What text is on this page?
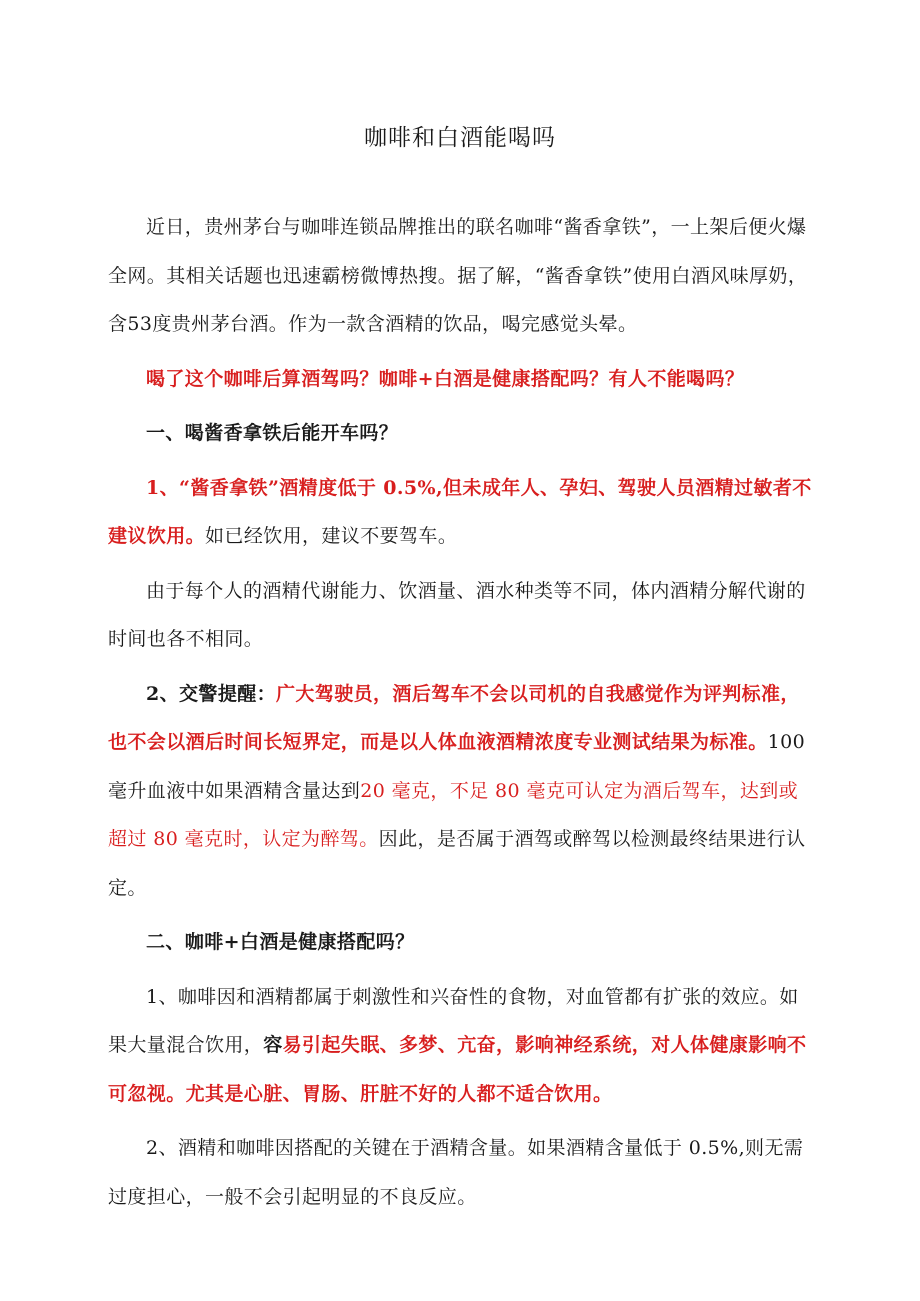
咖啡和白酒能喝吗

近日，贵州茅台与咖啡连锁品牌推出的联名咖啡“酱香拿铁”，一上架后便火爆全网。其相关话题也迅速霸榜微博热搜。据了解，“酱香拿铁”使用白酒风味厚奶，含53度贵州茅台酒。作为一款含酒精的饮品，喝完感觉头晕。

喝了这个咖啡后算酒驾吗？咖啡+白酒是健康搭配吗？有人不能喝吗？

一、喝酱香拿铁后能开车吗？

1、“酱香拿铁”酒精度低于 0.5%,但未成年人、孕妇、驾驶人员酒精过敏者不建议饮用。如已经饮用，建议不要驾车。

由于每个人的酒精代谢能力、饮酒量、酒水种类等不同，体内酒精分解代谢的时间也各不相同。

2、交警提醒：广大驾驶员，酒后驾车不会以司机的自我感觉作为评判标准，也不会以酒后时间长短界定，而是以人体血液酒精浓度专业测试结果为标准。100毫升血液中如果酒精含量达到20 毫克，不足 80 毫克可认定为酒后驾车，达到或超过 80 毫克时，认定为醉驾。因此，是否属于酒驾或醉驾以检测最终结果进行认定。

二、咖啡+白酒是健康搭配吗？

1、咖啡因和酒精都属于刺激性和兴奋性的食物，对血管都有扩张的效应。如果大量混合饮用，容易引起失眠、多梦、亢奋，影响神经系统，对人体健康影响不可忽视。尤其是心脏、胃肠、肝脏不好的人都不适合饮用。

2、酒精和咖啡因搭配的关键在于酒精含量。如果酒精含量低于 0.5%,则无需过度担心，一般不会引起明显的不良反应。
